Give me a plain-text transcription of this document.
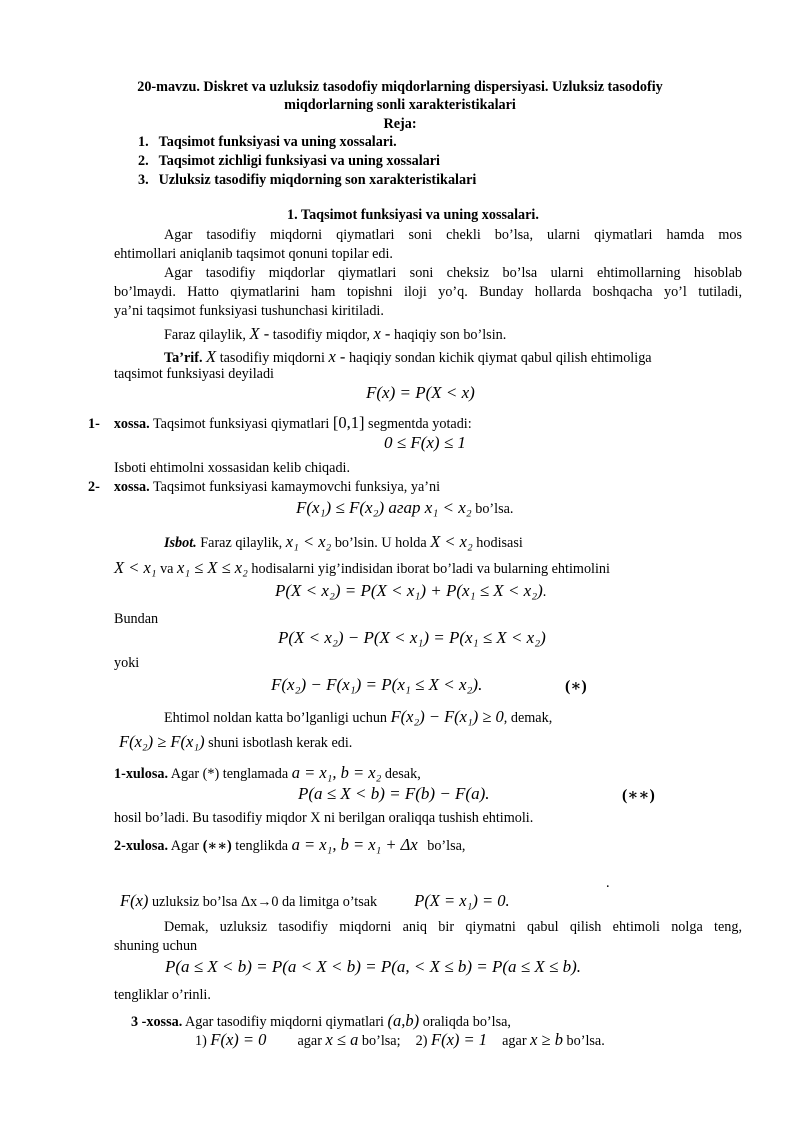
20-mavzu. Diskret va uzluksiz tasodofiy miqdorlarning dispersiyasi. Uzluksiz tasodofiy
miqdorlarning sonli xarakteristikalari
Reja:
1. Taqsimot funksiyasi va uning xossalari.
2. Taqsimot zichligi funksiyasi va uning xossalari
3. Uzluksiz tasodifiy miqdorning son xarakteristikalari
1. Taqsimot funksiyasi va uning xossalari.
Agar tasodifiy miqdorni qiymatlari soni chekli bo’lsa, ularni qiymatlari hamda mos
ehtimollari aniqlanib taqsimot qonuni topilar edi.
Agar tasodifiy miqdorlar qiymatlari soni cheksiz bo’lsa ularni ehtimollarning hisoblab
bo’lmaydi. Hatto qiymatlarini ham topishni iloji yo’q. Bunday hollarda boshqacha yo’l tutiladi,
ya’ni taqsimot funksiyasi tushunchasi kiritiladi.
Faraz qilaylik, X - tasodifiy miqdor, x - haqiqiy son bo’lsin.
Ta’rif. X tasodifiy miqdorni x - haqiqiy sondan kichik qiymat qabul qilish ehtimoliga
taqsimot funksiyasi deyiladi
F(x) = P(X < x)
1- xossa. Taqsimot funksiyasi qiymatlari [0,1] segmentda yotadi:
0 ≤ F(x) ≤ 1
Isboti ehtimolni xossasidan kelib chiqadi.
2- xossa. Taqsimot funksiyasi kamaymovchi funksiya, ya’ni
F(x₁) ≤ F(x₂) агар x₁ < x₂ bo’lsa.
Isbot. Faraz qilaylik, x₁ < x₂ bo’lsin. U holda X < x₂ hodisasi
X < x₁ va x₁ ≤ X ≤ x₂ hodisalarni yig’indisidan iborat bo’ladi va bularning ehtimolini
P(X < x₂) = P(X < x₁) + P(x₁ ≤ X < x₂).
Bundan
P(X < x₂) − P(X < x₁) = P(x₁ ≤ X < x₂)
yoki
F(x₂) − F(x₁) = P(x₁ ≤ X < x₂).	(∗)
Ehtimol noldan katta bo’lganligi uchun F(x₂) − F(x₁) ≥ 0, demak,
F(x₂) ≥ F(x₁) shuni isbotlash kerak edi.
1-xulosa. Agar (*) tenglamada a = x₁, b = x₂ desak,
P(a ≤ X < b) = F(b) − F(a).	(∗∗)
hosil bo’ladi. Bu tasodifiy miqdor X ni berilgan oraliqqa tushish ehtimoli.
2-xulosa. Agar (∗∗) tenglikda a = x₁, b = x₁ + Δx bo’lsa,
.
F(x) uzluksiz bo’lsa Δx→0 da limitga o’tsak P(X = x₁) = 0.
Demak, uzluksiz tasodifiy miqdorni aniq bir qiymatni qabul qilish ehtimoli nolga teng,
shuning uchun
P(a ≤ X < b) = P(a < X < b) = P(a, < X ≤ b) = P(a ≤ X ≤ b).
tengliklar o’rinli.
3 -xossa. Agar tasodifiy miqdorni qiymatlari (a,b) oraliqda bo’lsa,
1) F(x) = 0 agar x ≤ a bo’lsa; 2) F(x) = 1 agar x ≥ b bo’lsa.
